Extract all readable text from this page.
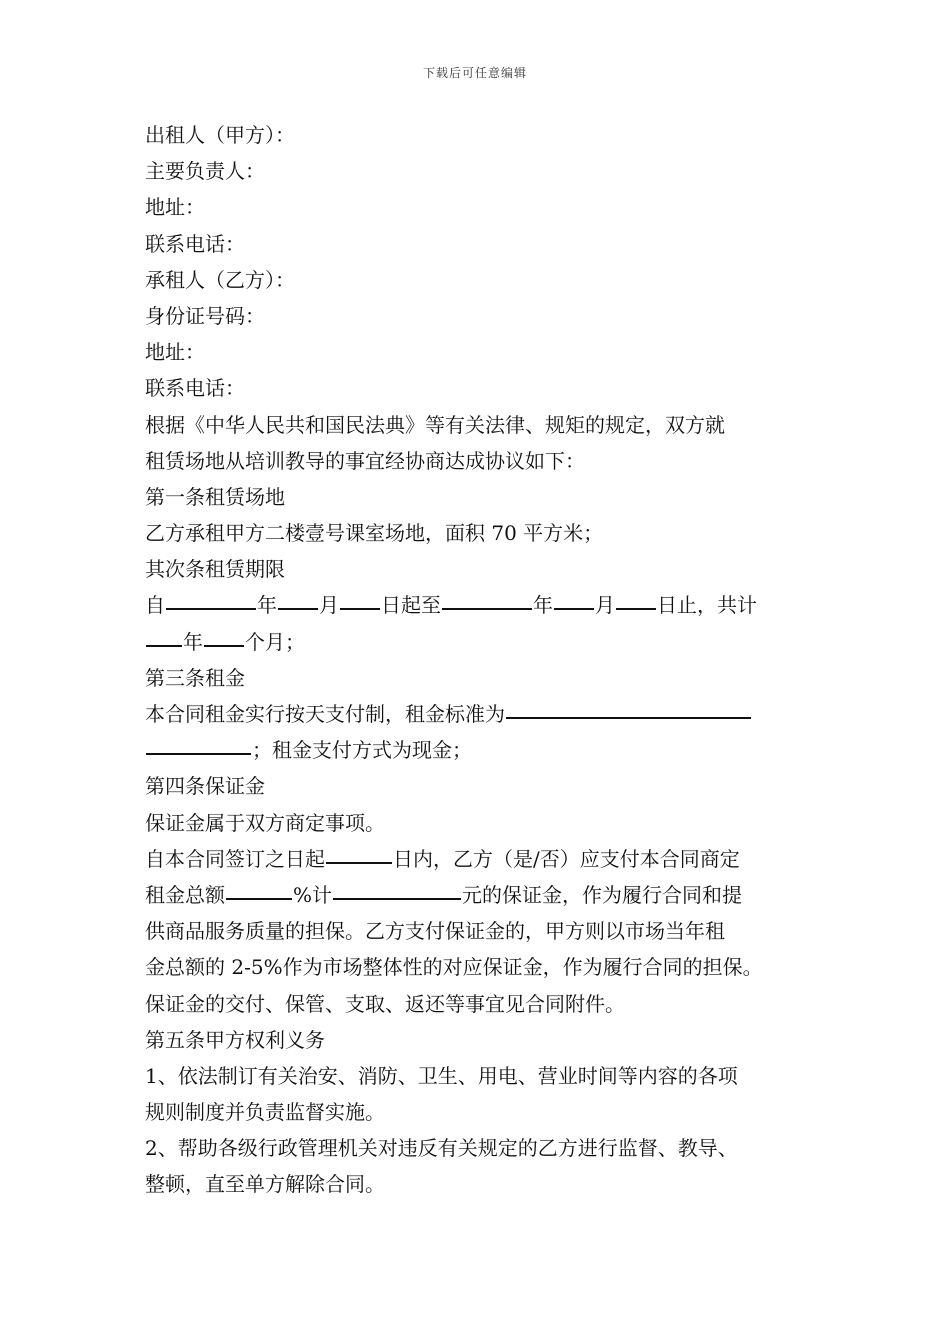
下载后可任意编辑
出租人（甲方）：
主要负责人：
地址：
联系电话：
承租人（乙方）：
身份证号码：
地址：
联系电话：
根据《中华人民共和国民法典》等有关法律、规矩的规定，双方就
租赁场地从培训教导的事宜经协商达成协议如下：
第一条租赁场地
乙方承租甲方二楼壹号课室场地，面积 70 平方米；
其次条租赁期限
自	年 月 日起至	年 月 日止，共计
年 个月；
第三条租金
本合同租金实行按天支付制，租金标准为
；租金支付方式为现金；
第四条保证金
保证金属于双方商定事项。
自本合同签订之日起	日内，乙方（是/否）应支付本合同商定
租金总额	%计	元的保证金，作为履行合同和提
供商品服务质量的担保。乙方支付保证金的，甲方则以市场当年租
金总额的 2-5%作为市场整体性的对应保证金，作为履行合同的担保。
保证金的交付、保管、支取、返还等事宜见合同附件。
第五条甲方权利义务
1、依法制订有关治安、消防、卫生、用电、营业时间等内容的各项
规则制度并负责监督实施。
2、帮助各级行政管理机关对违反有关规定的乙方进行监督、教导、
整顿，直至单方解除合同。
